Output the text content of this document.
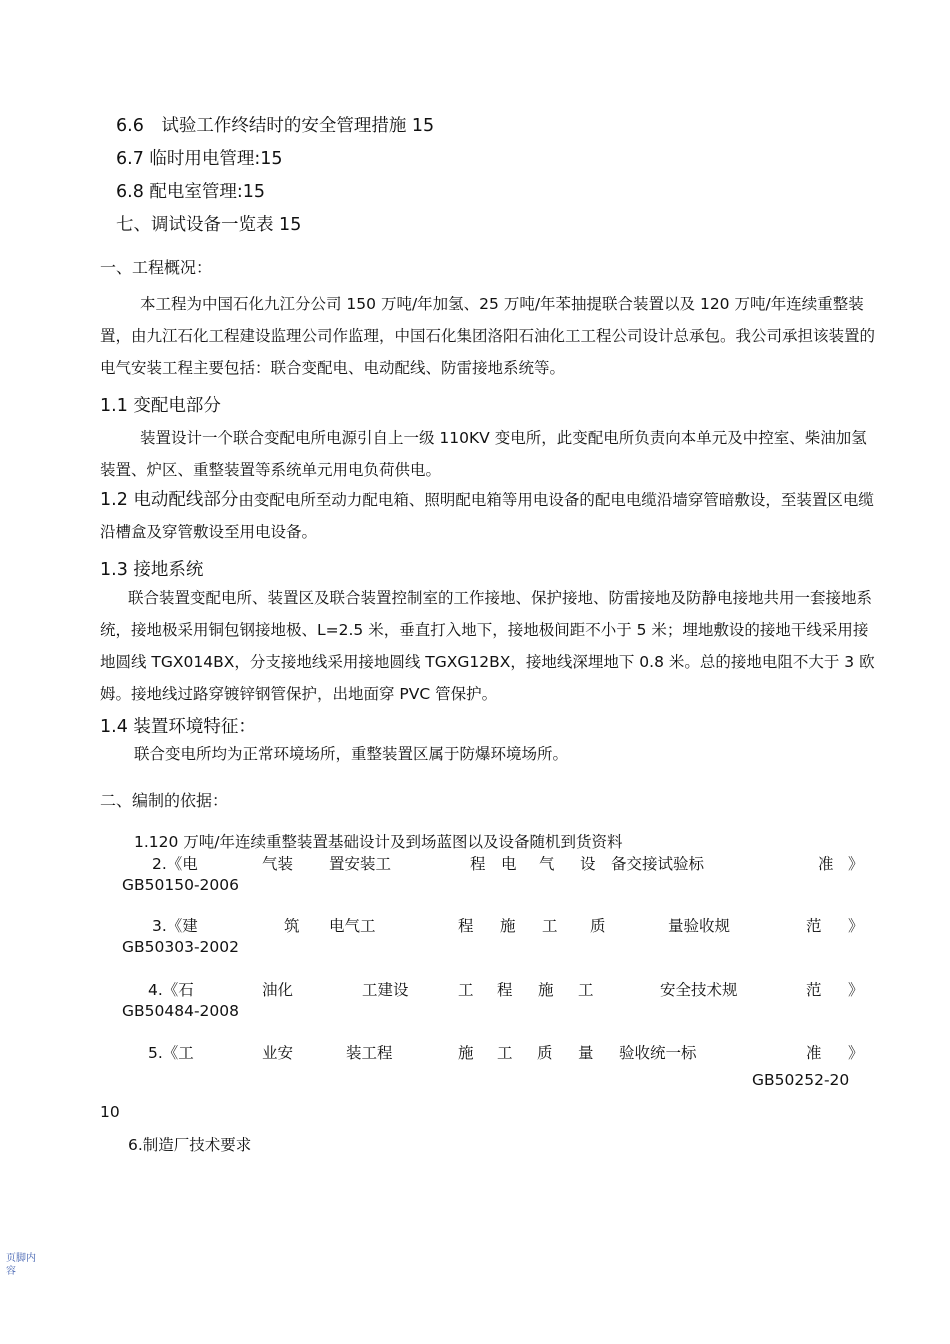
6.6　试验工作终结时的安全管理措施 15
6.7 临时用电管理:15
6.8 配电室管理:15
七、调试设备一览表 15
一、工程概况：
本工程为中国石化九江分公司 150 万吨/年加氢、25 万吨/年苯抽提联合装置以及 120 万吨/年连续重整装置，由九江石化工程建设监理公司作监理，中国石化集团洛阳石油化工工程公司设计总承包。我公司承担该装置的电气安装工程主要包括：联合变配电、电动配线、防雷接地系统等。
1.1 变配电部分
装置设计一个联合变配电所电源引自上一级 110KV 变电所，此变配电所负责向本单元及中控室、柴油加氢装置、炉区、重整装置等系统单元用电负荷供电。
1.2 电动配线部分由变配电所至动力配电箱、照明配电箱等用电设备的配电电缆沿墙穿管暗敷设，至装置区电缆沿槽盒及穿管敷设至用电设备。
1.3 接地系统
联合装置变配电所、装置区及联合装置控制室的工作接地、保护接地、防雷接地及防静电接地共用一套接地系统，接地极采用铜包钢接地极、L=2.5 米，垂直打入地下，接地极间距不小于 5 米；埋地敷设的接地干线采用接地圆线 TGX014BX，分支接地线采用接地圆线 TGXG12BX，接地线深埋地下 0.8 米。总的接地电阻不大于 3 欧姆。接地线过路穿镀锌钢管保护，出地面穿 PVC 管保护。
1.4 装置环境特征：
联合变电所均为正常环境场所，重整装置区属于防爆环境场所。
二、编制的依据：
1.120 万吨/年连续重整装置基础设计及到场蓝图以及设备随机到货资料
2.《电	气装 置安装工	程 电 气 设 备交接试验标	准 》
GB50150-2006
3.《建	筑 电气工	程 施 工 质	量验收规	范 》
GB50303-2002
4.《石	油化	工建设	工 程 施 工	安全技术规	范 》
GB50484-2008
5.《工	业安	装工程	施 工 质 量 验收统一标	准 》
GB50252-20
10
6.制造厂技术要求
页脚内容
